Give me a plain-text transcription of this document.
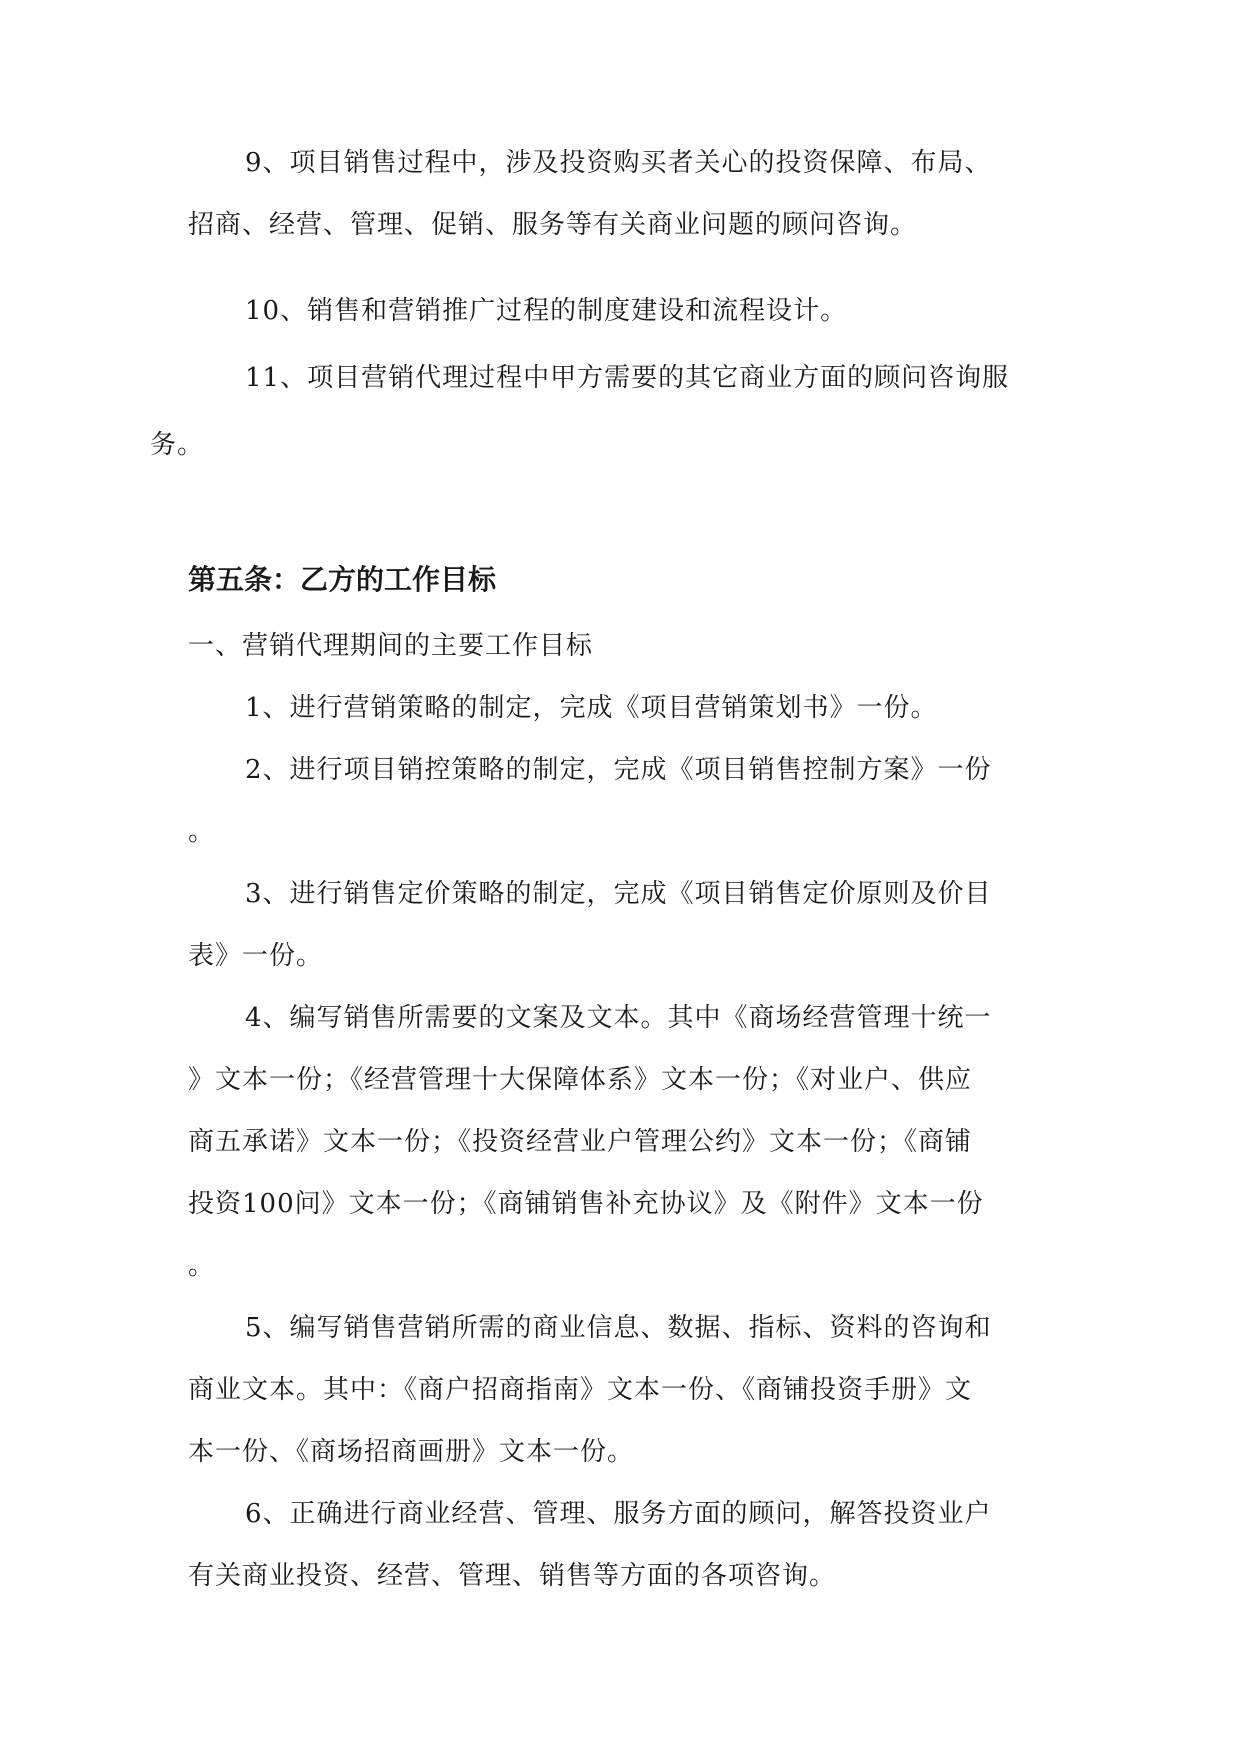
9、项目销售过程中，涉及投资购买者关心的投资保障、布局、
招商、经营、管理、促销、服务等有关商业问题的顾问咨询。
10、销售和营销推广过程的制度建设和流程设计。
11、项目营销代理过程中甲方需要的其它商业方面的顾问咨询服
务。
第五条：乙方的工作目标
一、营销代理期间的主要工作目标
1、进行营销策略的制定，完成《项目营销策划书》一份。
2、进行项目销控策略的制定，完成《项目销售控制方案》一份
。
3、进行销售定价策略的制定，完成《项目销售定价原则及价目
表》一份。
4、编写销售所需要的文案及文本。其中《商场经营管理十统一
》文本一份；《经营管理十大保障体系》文本一份；《对业户、供应
商五承诺》文本一份；《投资经营业户管理公约》文本一份；《商铺
投资100问》文本一份；《商铺销售补充协议》及《附件》文本一份
。
5、编写销售营销所需的商业信息、数据、指标、资料的咨询和
商业文本。其中：《商户招商指南》文本一份、《商铺投资手册》文
本一份、《商场招商画册》文本一份。
6、正确进行商业经营、管理、服务方面的顾问，解答投资业户
有关商业投资、经营、管理、销售等方面的各项咨询。
